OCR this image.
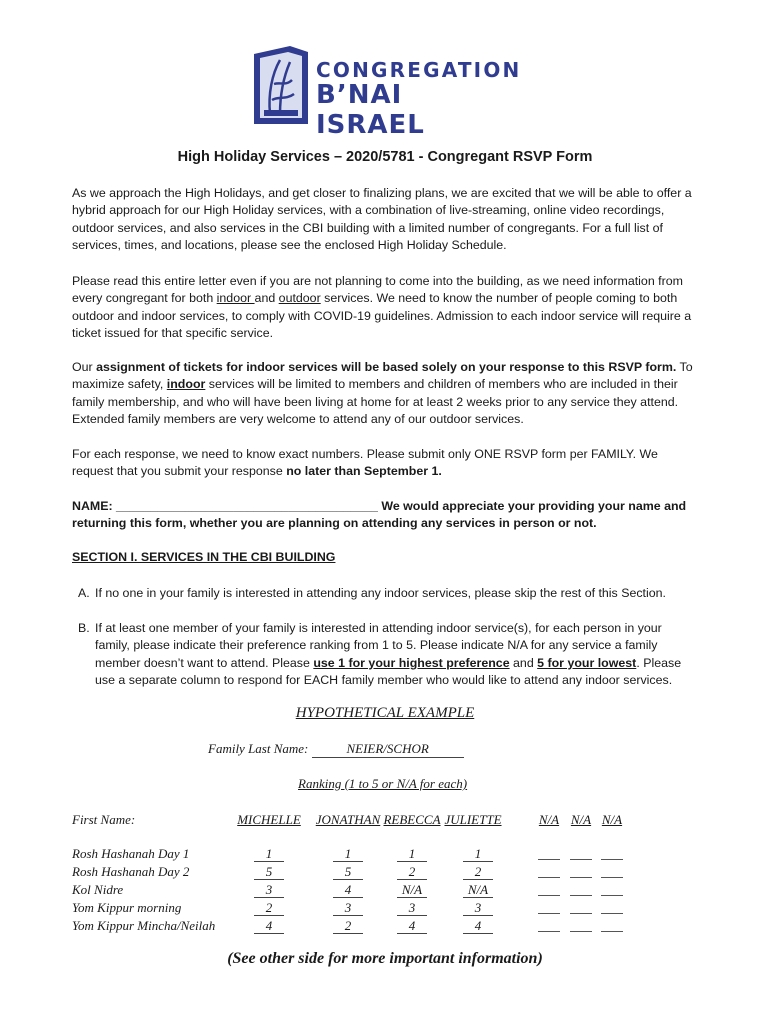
CONGREGATION
B’NAI ISRAEL
High Holiday Services – 2020/5781 - Congregant RSVP Form

As we approach the High Holidays, and get closer to finalizing plans, we are excited that we will be able to offer a hybrid approach for our High Holiday services, with a combination of live-streaming, online video recordings, outdoor services, and also services in the CBI building with a limited number of congregants. For a full list of services, times, and locations, please see the enclosed High Holiday Schedule.

Please read this entire letter even if you are not planning to come into the building, as we need information from every congregant for both indoor and outdoor services. We need to know the number of people coming to both outdoor and indoor services, to comply with COVID-19 guidelines. Admission to each indoor service will require a ticket issued for that specific service.

Our assignment of tickets for indoor services will be based solely on your response to this RSVP form. To maximize safety, indoor services will be limited to members and children of members who are included in their family membership, and who will have been living at home for at least 2 weeks prior to any service they attend. Extended family members are very welcome to attend any of our outdoor services.

For each response, we need to know exact numbers. Please submit only ONE RSVP form per FAMILY. We request that you submit your response no later than September 1.

NAME: ______________________________________ We would appreciate your providing your name and returning this form, whether you are planning on attending any services in person or not.

SECTION I. SERVICES IN THE CBI BUILDING
A. If no one in your family is interested in attending any indoor services, please skip the rest of this Section.
B. If at least one member of your family is interested in attending indoor service(s), for each person in your family, please indicate their preference ranking from 1 to 5. Please indicate N/A for any service a family member doesn’t want to attend. Please use 1 for your highest preference and 5 for your lowest. Please use a separate column to respond for EACH family member who would like to attend any indoor services.
HYPOTHETICAL EXAMPLE
Family Last Name:	NEIER/SCHOR
Ranking (1 to 5 or N/A for each)
First Name:	MICHELLE JONATHAN REBECCA JULIETTE	N/A N/A N/A
Rosh Hashanah Day 1	1	1	1	1
Rosh Hashanah Day 2	5	5	2	2
Kol Nidre	3	4	N/A	N/A
Yom Kippur morning	2	3	3	3
Yom Kippur Mincha/Neilah	4	2	4	4
(See other side for more important information)
